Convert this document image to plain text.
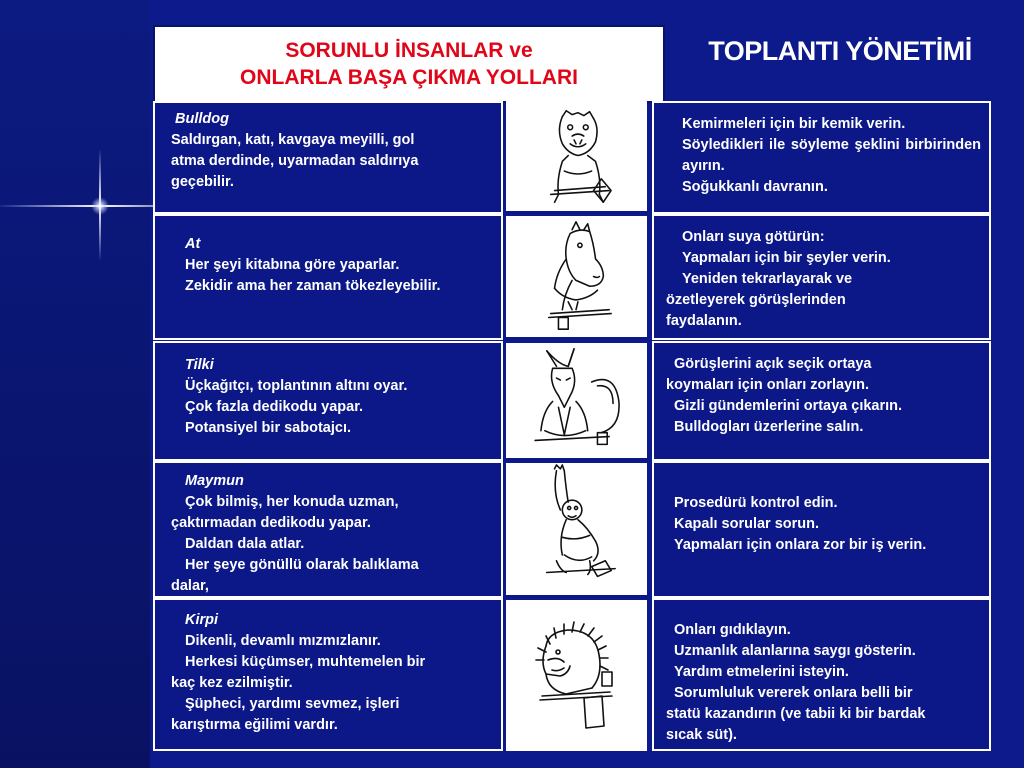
SORUNLU İNSANLAR ve
ONLARLA BAŞA ÇIKMA YOLLARI
TOPLANTI YÖNETİMİ
Bulldog
Saldırgan, katı, kavgaya meyilli, gol
atma derdinde, uyarmadan saldırıya
geçebilir.
Kemirmeleri için bir kemik verin.
Söyledikleri ile söyleme şeklini birbirinden ayırın.
Soğukkanlı davranın.
At
Her şeyi kitabına göre yaparlar.
Zekidir ama her zaman tökezleyebilir.
Onları suya götürün:
Yapmaları için bir şeyler verin.
Yeniden tekrarlayarak ve
özetleyerek görüşlerinden
faydalanın.
Tilki
Üçkağıtçı, toplantının altını oyar.
Çok fazla dedikodu yapar.
Potansiyel bir sabotajcı.
Görüşlerini açık seçik ortaya
koymaları için onları zorlayın.
Gizli gündemlerini ortaya çıkarın.
Bulldogları üzerlerine salın.
Maymun
Çok bilmiş, her konuda uzman,
çaktırmadan dedikodu yapar.
Daldan dala atlar.
Her şeye gönüllü olarak balıklama
dalar,
Prosedürü kontrol edin.
Kapalı sorular sorun.
Yapmaları için onlara zor bir iş verin.
Kirpi
Dikenli, devamlı mızmızlanır.
Herkesi küçümser, muhtemelen bir
kaç kez ezilmiştir.
Şüpheci, yardımı sevmez, işleri
karıştırma eğilimi vardır.
Onları gıdıklayın.
Uzmanlık alanlarına saygı gösterin.
Yardım etmelerini isteyin.
Sorumluluk vererek onlara belli bir
statü kazandırın (ve tabii ki bir bardak
sıcak süt).
